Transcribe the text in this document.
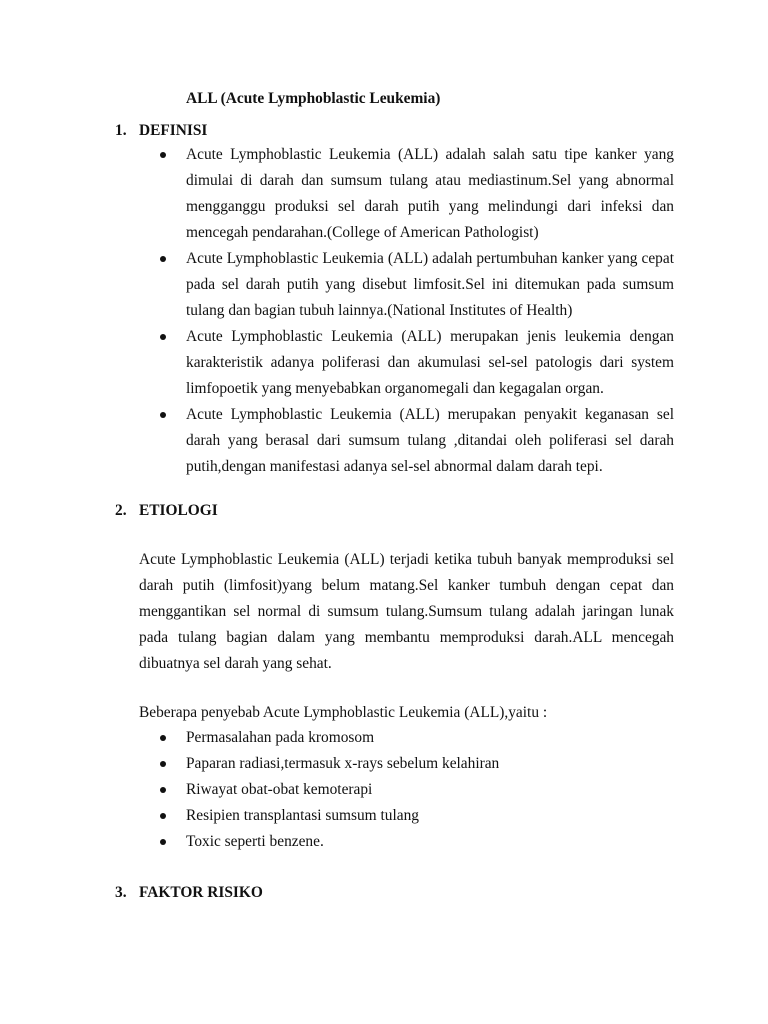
ALL (Acute Lymphoblastic Leukemia)
1. DEFINISI
Acute Lymphoblastic Leukemia (ALL) adalah salah satu tipe kanker yang dimulai di darah dan sumsum tulang atau mediastinum.Sel yang abnormal mengganggu produksi sel darah putih yang melindungi dari infeksi dan mencegah pendarahan.(College of American Pathologist)
Acute Lymphoblastic Leukemia (ALL) adalah pertumbuhan kanker yang cepat pada sel darah putih yang disebut limfosit.Sel ini ditemukan pada sumsum tulang dan bagian tubuh lainnya.(National Institutes of Health)
Acute Lymphoblastic Leukemia (ALL) merupakan jenis leukemia dengan karakteristik adanya poliferasi dan akumulasi sel-sel patologis dari system limfopoetik yang menyebabkan organomegali dan kegagalan organ.
Acute Lymphoblastic Leukemia (ALL) merupakan penyakit keganasan sel darah yang berasal dari sumsum tulang ,ditandai oleh poliferasi sel darah putih,dengan manifestasi adanya sel-sel abnormal dalam darah tepi.
2. ETIOLOGI

Acute Lymphoblastic Leukemia (ALL) terjadi ketika tubuh banyak memproduksi sel darah putih (limfosit)yang belum matang.Sel kanker tumbuh dengan cepat dan menggantikan sel normal di sumsum tulang.Sumsum tulang adalah jaringan lunak pada tulang bagian dalam yang membantu memproduksi darah.ALL mencegah dibuatnya sel darah yang sehat.

Beberapa penyebab Acute Lymphoblastic Leukemia (ALL),yaitu :

Permasalahan pada kromosom
Paparan radiasi,termasuk x-rays sebelum kelahiran
Riwayat obat-obat kemoterapi
Resipien transplantasi sumsum tulang
Toxic seperti benzene.
3. FAKTOR RISIKO
